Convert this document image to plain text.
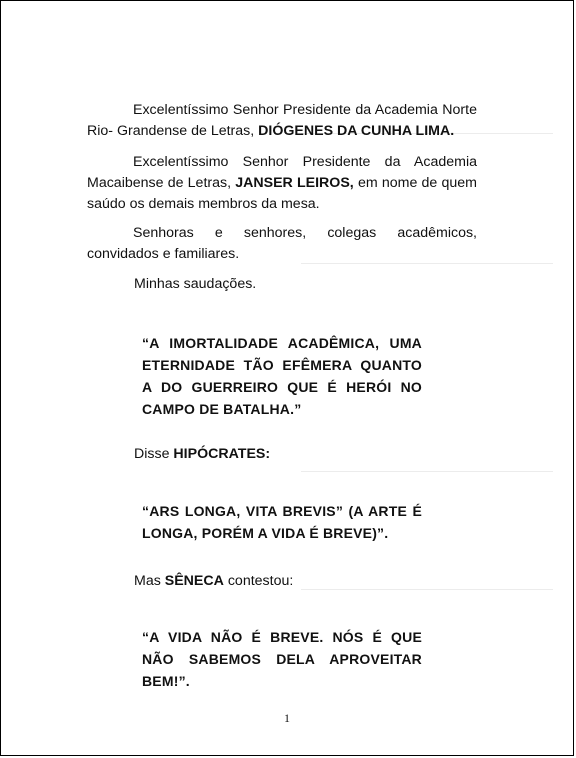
Excelentíssimo Senhor Presidente da Academia Norte Rio- Grandense de Letras, DIÓGENES DA CUNHA LIMA.

Excelentíssimo Senhor Presidente da Academia Macaibense de Letras, JANSER LEIROS, em nome de quem saúdo os demais membros da mesa.

Senhoras e senhores, colegas acadêmicos, convidados e familiares.

Minhas saudações.

“A IMORTALIDADE ACADÊMICA, UMA ETERNIDADE TÃO EFÊMERA QUANTO A DO GUERREIRO QUE É HERÓI NO CAMPO DE BATALHA.”

Disse HIPÓCRATES:

“ARS LONGA, VITA BREVIS” (A ARTE É LONGA, PORÉM A VIDA É BREVE)”.

Mas SÊNECA contestou:

“A VIDA NÃO É BREVE. NÓS É QUE NÃO SABEMOS DELA APROVEITAR BEM!”.

1
